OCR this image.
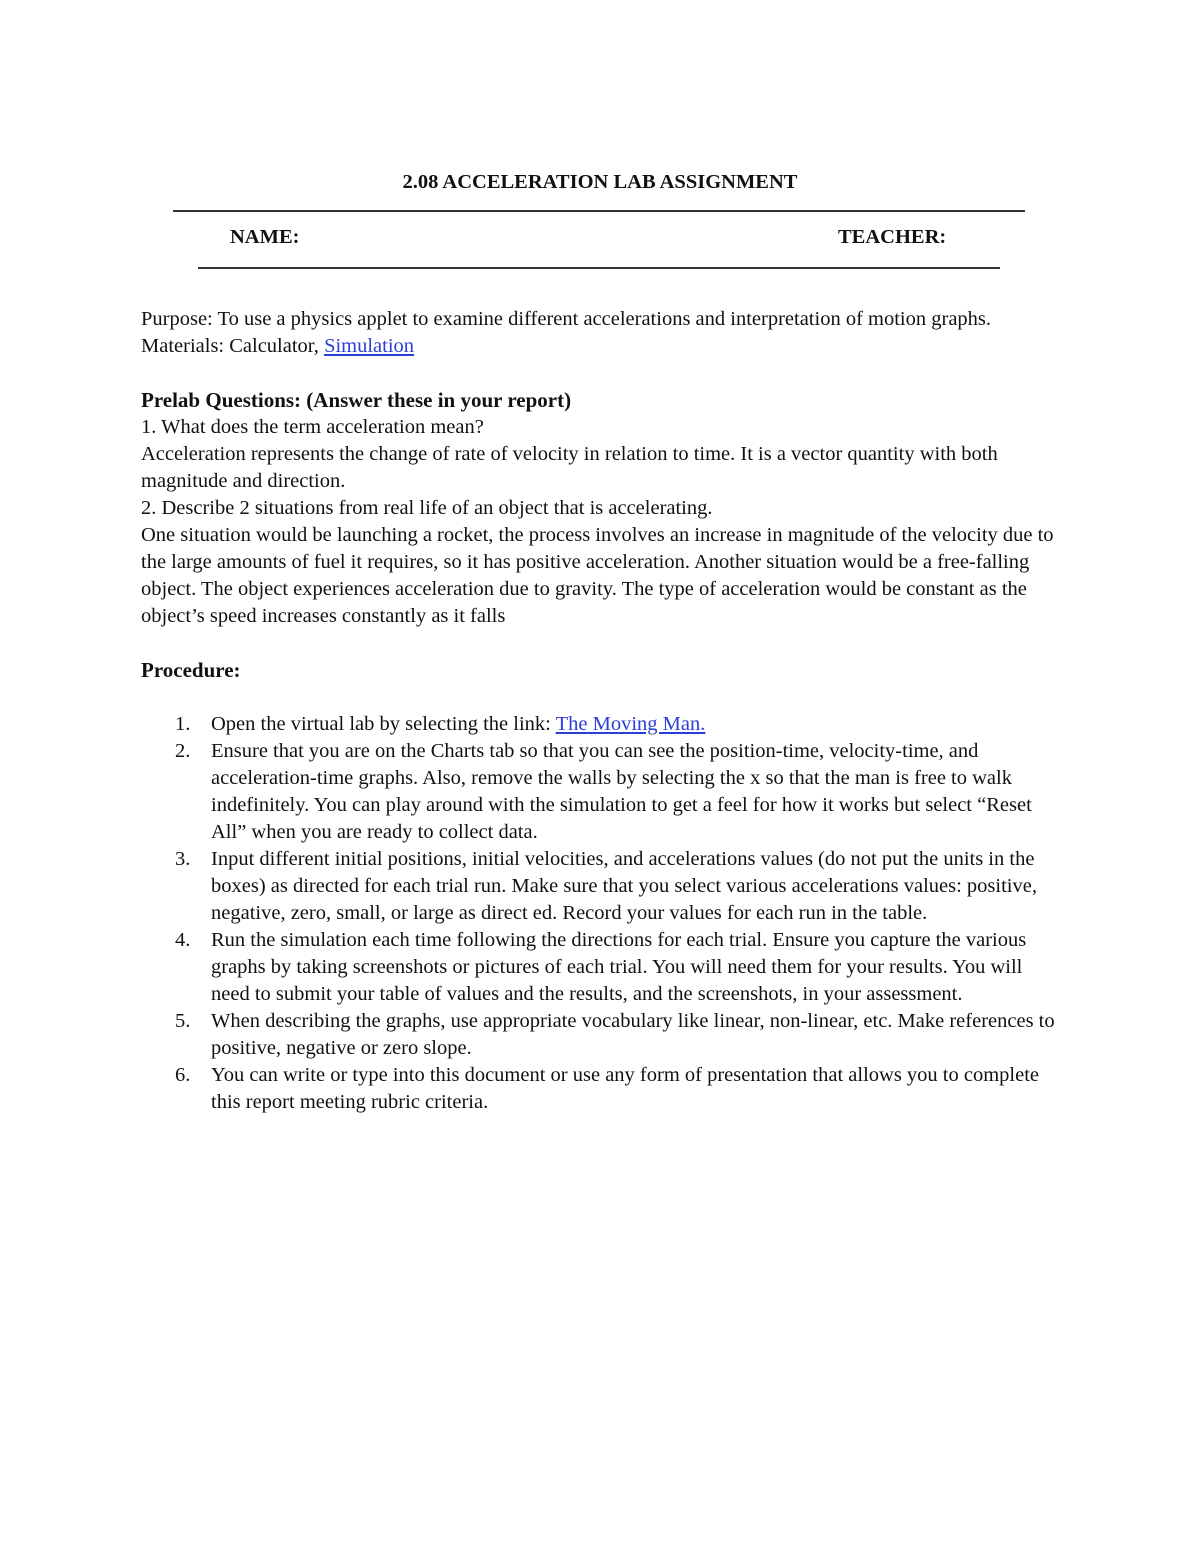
2.08 ACCELERATION LAB ASSIGNMENT

NAME:	TEACHER:

Purpose: To use a physics applet to examine different accelerations and interpretation of motion graphs.

Materials: Calculator, Simulation

Prelab Questions: (Answer these in your report)

1. What does the term acceleration mean?

Acceleration represents the change of rate of velocity in relation to time. It is a vector quantity with both magnitude and direction.

2. Describe 2 situations from real life of an object that is accelerating.

One situation would be launching a rocket, the process involves an increase in magnitude of the velocity due to the large amounts of fuel it requires, so it has positive acceleration. Another situation would be a free-falling object. The object experiences acceleration due to gravity. The type of acceleration would be constant as the object’s speed increases constantly as it falls

Procedure:

1. Open the virtual lab by selecting the link: The Moving Man.
2. Ensure that you are on the Charts tab so that you can see the position-time, velocity-time, and acceleration-time graphs. Also, remove the walls by selecting the x so that the man is free to walk indefinitely. You can play around with the simulation to get a feel for how it works but select “Reset All” when you are ready to collect data.
3. Input different initial positions, initial velocities, and accelerations values (do not put the units in the boxes) as directed for each trial run. Make sure that you select various accelerations values: positive, negative, zero, small, or large as direct ed. Record your values for each run in the table.
4. Run the simulation each time following the directions for each trial. Ensure you capture the various graphs by taking screenshots or pictures of each trial. You will need them for your results. You will need to submit your table of values and the results, and the screenshots, in your assessment.
5. When describing the graphs, use appropriate vocabulary like linear, non-linear, etc. Make references to positive, negative or zero slope.
6. You can write or type into this document or use any form of presentation that allows you to complete this report meeting rubric criteria.
